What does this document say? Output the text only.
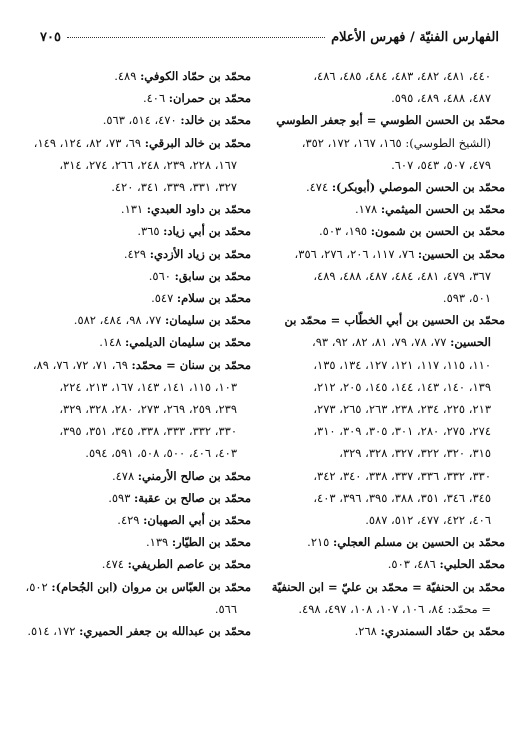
الفهارس الفنيّة / فهرس الأعلام
٧٠٥
٤٤٠، ٤٨١، ٤٨٢، ٤٨٣، ٤٨٤، ٤٨٥، ٤٨٦،
٤٨٧، ٤٨٨، ٤٨٩، ٥٩٥.
محمّد بن الحسن الطوسي = أبو جعفر الطوسي
(الشيخ الطوسي): ١٦٥، ١٦٧، ١٧٢، ٣٥٢،
٤٧٩، ٥٠٧، ٥٤٣، ٦٠٧.
محمّد بن الحسن الموصلي (أبوبكر): ٤٧٤.
محمّد بن الحسن الميثمي: ١٧٨.
محمّد بن الحسن بن شمون: ١٩٥، ٥٠٣.
محمّد بن الحسين: ٧٦، ١١٧، ٢٠٦، ٢٧٦، ٣٥٦،
٣٦٧، ٤٧٩، ٤٨١، ٤٨٤، ٤٨٧، ٤٨٨، ٤٨٩،
٥٠١، ٥٩٣.
محمّد بن الحسين بن أبي الخطّاب = محمّد بن
الحسين: ٧٧، ٧٨، ٧٩، ٨١، ٨٢، ٩٢، ٩٣،
١١٠، ١١٥، ١١٧، ١٢١، ١٢٧، ١٣٤، ١٣٥،
١٣٩، ١٤٠، ١٤٣، ١٤٤، ١٤٥، ٢٠٥، ٢١٢،
٢١٣، ٢٢٥، ٢٣٤، ٢٣٨، ٢٦٣، ٢٦٥، ٢٧٣،
٢٧٤، ٢٧٥، ٢٨٠، ٣٠١، ٣٠٥، ٣٠٩، ٣١٠،
٣١٥، ٣٢٠، ٣٢٢، ٣٢٧، ٣٢٨، ٣٢٩،
٣٣٠، ٣٣٢، ٣٣٦، ٣٣٧، ٣٣٨، ٣٤٠، ٣٤٢،
٣٤٥، ٣٤٦، ٣٥١، ٣٨٨، ٣٩٥، ٣٩٦، ٤٠٣،
٤٠٦، ٤٢٢، ٤٧٧، ٥١٢، ٥٨٧.
محمّد بن الحسين بن مسلم العجلي: ٢١٥.
محمّد الحلبي: ٤٨٦، ٥٠٣.
محمّد بن الحنفيّة = محمّد بن عليّ = ابن الحنفيّة
= محمّد: ٨٤، ١٠٦، ١٠٧، ١٠٨، ٤٩٧، ٤٩٨.
محمّد بن حمّاد السمندري: ٢٦٨.
محمّد بن حمّاد الكوفي: ٤٨٩.
محمّد بن حمران: ٤٠٦.
محمّد بن خالد: ٤٧٠، ٥١٤، ٥٦٣.
محمّد بن خالد البرقي: ٦٩، ٧٣، ٨٢، ١٢٤، ١٤٩،
١٦٧، ٢٢٨، ٢٣٩، ٢٤٨، ٢٦٦، ٢٧٤، ٣١٤،
٣٢٧، ٣٣١، ٣٣٩، ٣٤١، ٤٢٠.
محمّد بن داود العبدي: ١٣١.
محمّد بن أبي زياد: ٣٦٥.
محمّد بن زياد الأزدي: ٤٢٩.
محمّد بن سابق: ٥٦٠.
محمّد بن سلام: ٥٤٧.
محمّد بن سليمان: ٧٧، ٩٨، ٤٨٤، ٥٨٢.
محمّد بن سليمان الديلمي: ١٤٨.
محمّد بن سنان = محمّد: ٦٩، ٧١، ٧٢، ٧٦، ٨٩،
١٠٣، ١١٥، ١٤١، ١٤٣، ١٦٧، ٢١٣، ٢٢٤،
٢٣٩، ٢٥٩، ٢٦٩، ٢٧٣، ٢٨٠، ٣٢٨، ٣٢٩،
٣٣٠، ٣٣٢، ٣٣٣، ٣٣٨، ٣٤٥، ٣٥١، ٣٩٥،
٤٠٣، ٤٠٦، ٥٠٠، ٥٠٨، ٥٩١، ٥٩٤.
محمّد بن صالح الأرمني: ٤٧٨.
محمّد بن صالح بن عقبة: ٥٩٣.
محمّد بن أبي الصهبان: ٤٢٩.
محمّد بن الطيّار: ١٣٩.
محمّد بن عاصم الطريفي: ٤٧٤.
محمّد بن العبّاس بن مروان (ابن الجُحام): ٥٠٢،
٥٦٦.
محمّد بن عبدالله بن جعفر الحميري: ١٧٢، ٥١٤.
